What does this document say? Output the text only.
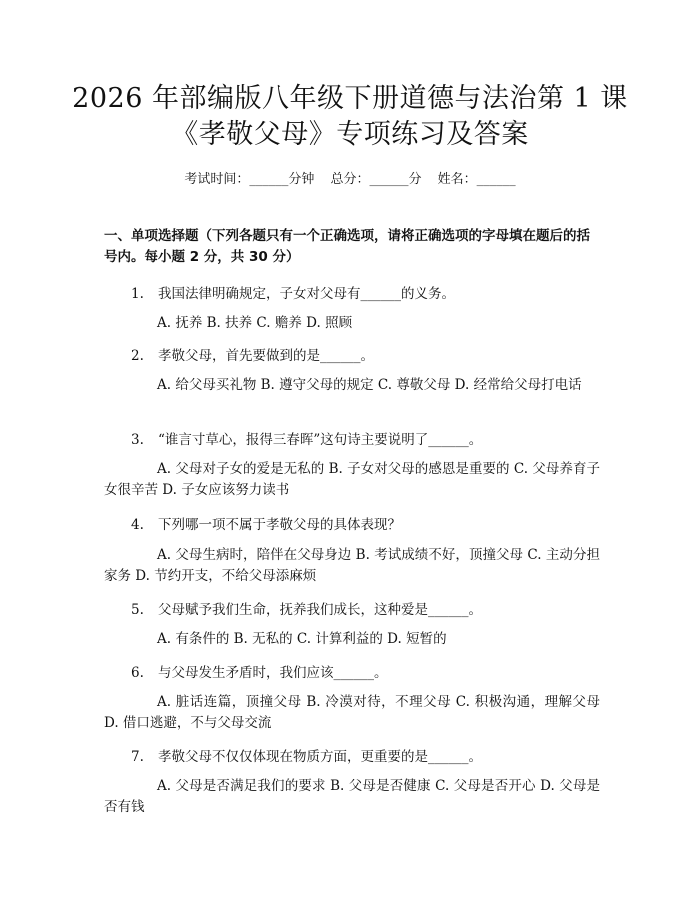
2026 年部编版八年级下册道德与法治第 1 课
《孝敬父母》专项练习及答案
考试时间：______分钟 总分：______分 姓名：______
一、单项选择题（下列各题只有一个正确选项，请将正确选项的字母填在题后的括号内。每小题 2 分，共 30 分）
1. 我国法律明确规定，子女对父母有______的义务。
A. 抚养 B. 扶养 C. 赡养 D. 照顾
2. 孝敬父母，首先要做到的是______。
A. 给父母买礼物 B. 遵守父母的规定 C. 尊敬父母 D. 经常给父母打电话
3. “谁言寸草心，报得三春晖”这句诗主要说明了______。
A. 父母对子女的爱是无私的 B. 子女对父母的感恩是重要的 C. 父母养育子女很辛苦 D. 子女应该努力读书
4. 下列哪一项不属于孝敬父母的具体表现？
A. 父母生病时，陪伴在父母身边 B. 考试成绩不好，顶撞父母 C. 主动分担家务 D. 节约开支，不给父母添麻烦
5. 父母赋予我们生命，抚养我们成长，这种爱是______。
A. 有条件的 B. 无私的 C. 计算利益的 D. 短暂的
6. 与父母发生矛盾时，我们应该______。
A. 脏话连篇，顶撞父母 B. 冷漠对待，不理父母 C. 积极沟通，理解父母 D. 借口逃避，不与父母交流
7. 孝敬父母不仅仅体现在物质方面，更重要的是______。
A. 父母是否满足我们的要求 B. 父母是否健康 C. 父母是否开心 D. 父母是否有钱
